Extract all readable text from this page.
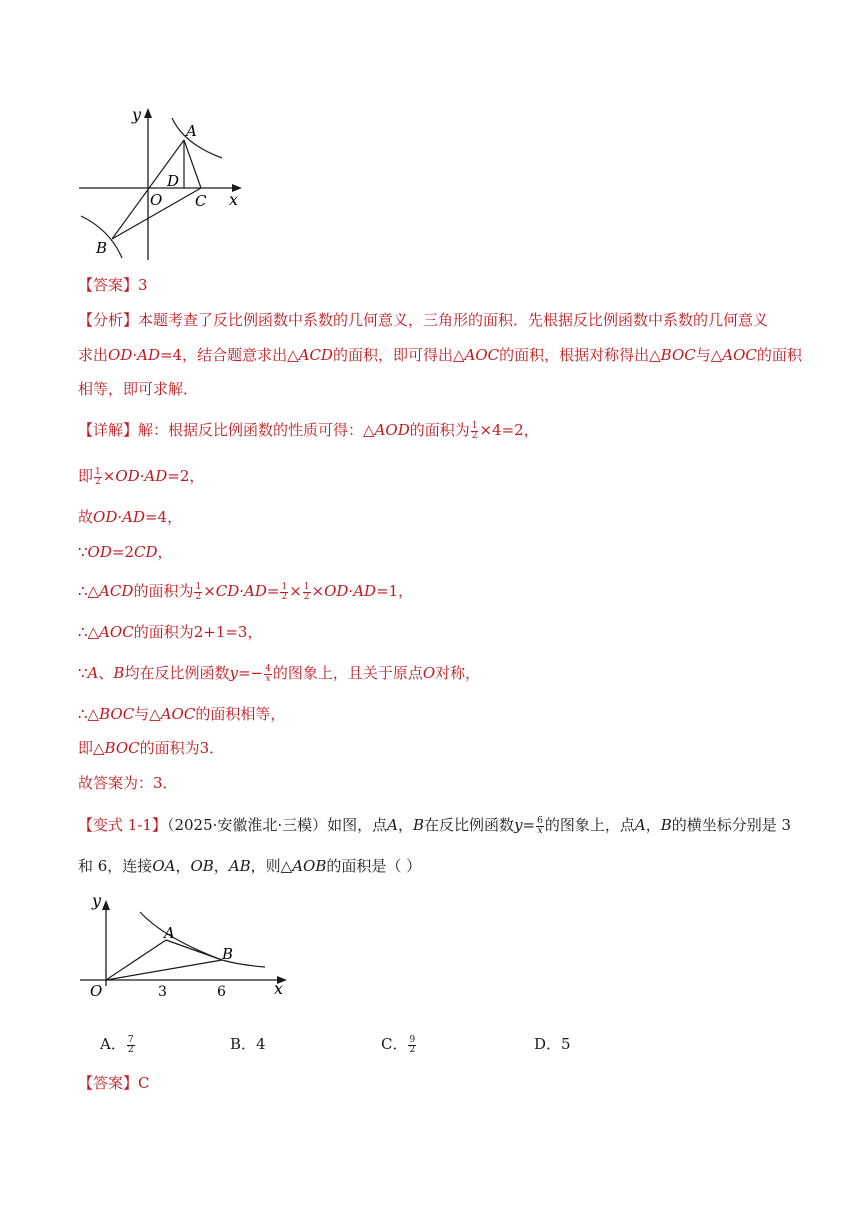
y
x
A
D
O C
B
【答案】3
【分析】本题考查了反比例函数中系数的几何意义，三角形的面积．先根据反比例函数中系数的几何意义
求出OD·AD=4，结合题意求出△ACD的面积，即可得出△AOC的面积，根据对称得出△BOC与△AOC的面积
相等，即可求解．
【详解】解：根据反比例函数的性质可得：△AOD的面积为 $\frac{1}{2} \times 4=2$，
即 $\frac{1}{2} \times OD\cdot AD=2$，
故OD·AD=4，
∵OD=2CD，
∴△ACD的面积为 $\frac{1}{2} \times CD\cdot AD= \frac{1}{2} \times \frac{1}{2} \times OD\cdot AD=1$，
∴△AOC的面积为2+1=3，
∵A、B均在反比例函数$y=- \frac{4}{x}$ 的图象上，且关于原点O对称，
∴△BOC与△AOC的面积相等，
即△BOC的面积为3．
故答案为：3．
【变式 1-1】（2025·安徽淮北·三模）如图，点A，B在反比例函数$y= \frac{6}{x}$ 的图象上，点A，B的横坐标分别是 3
和 6，连接OA，OB，AB，则△AOB的面积是（ ）
y
x
O
A
B
3	6
A． $\frac{7}{2}$	B．4	C． $\frac{9}{2}$	D．5
【答案】C
